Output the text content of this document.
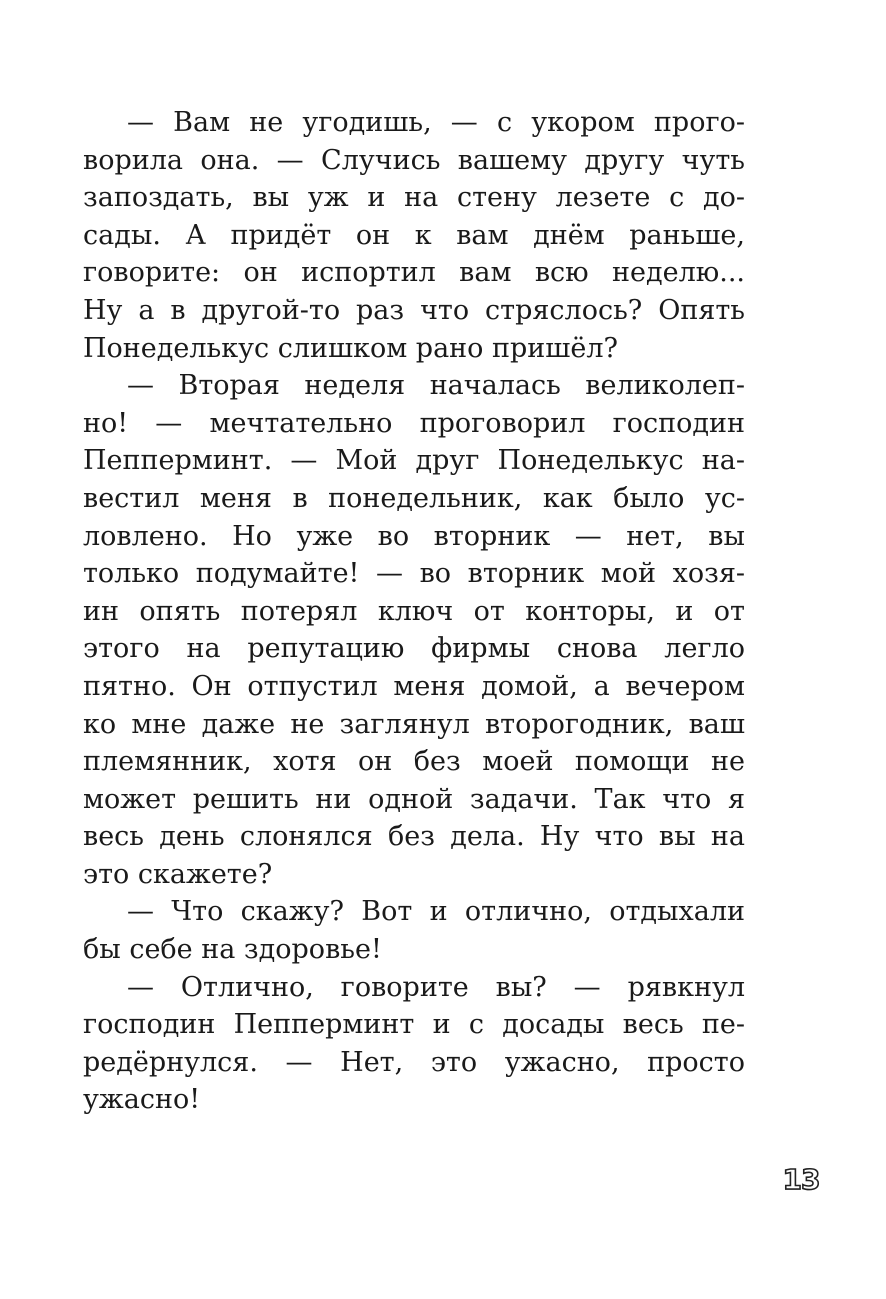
— Вам не угодишь, — с укором прого-
ворила она. — Случись вашему другу чуть
запоздать, вы уж и на стену лезете с до-
сады. А придёт он к вам днём раньше,
говорите: он испортил вам всю неделю...
Ну а в другой-то раз что стряслось? Опять
Понеделькус слишком рано пришёл?
— Вторая неделя началась великолеп-
но! — мечтательно проговорил господин
Пепперминт. — Мой друг Понеделькус на-
вестил меня в понедельник, как было ус-
ловлено. Но уже во вторник — нет, вы
только подумайте! — во вторник мой хозя-
ин опять потерял ключ от конторы, и от
этого на репутацию фирмы снова легло
пятно. Он отпустил меня домой, а вечером
ко мне даже не заглянул второгодник, ваш
племянник, хотя он без моей помощи не
может решить ни одной задачи. Так что я
весь день слонялся без дела. Ну что вы на
это скажете?
— Что скажу? Вот и отлично, отдыхали
бы себе на здоровье!
— Отлично, говорите вы? — рявкнул
господин Пепперминт и с досады весь пе-
редёрнулся. — Нет, это ужасно, просто
ужасно!
13
